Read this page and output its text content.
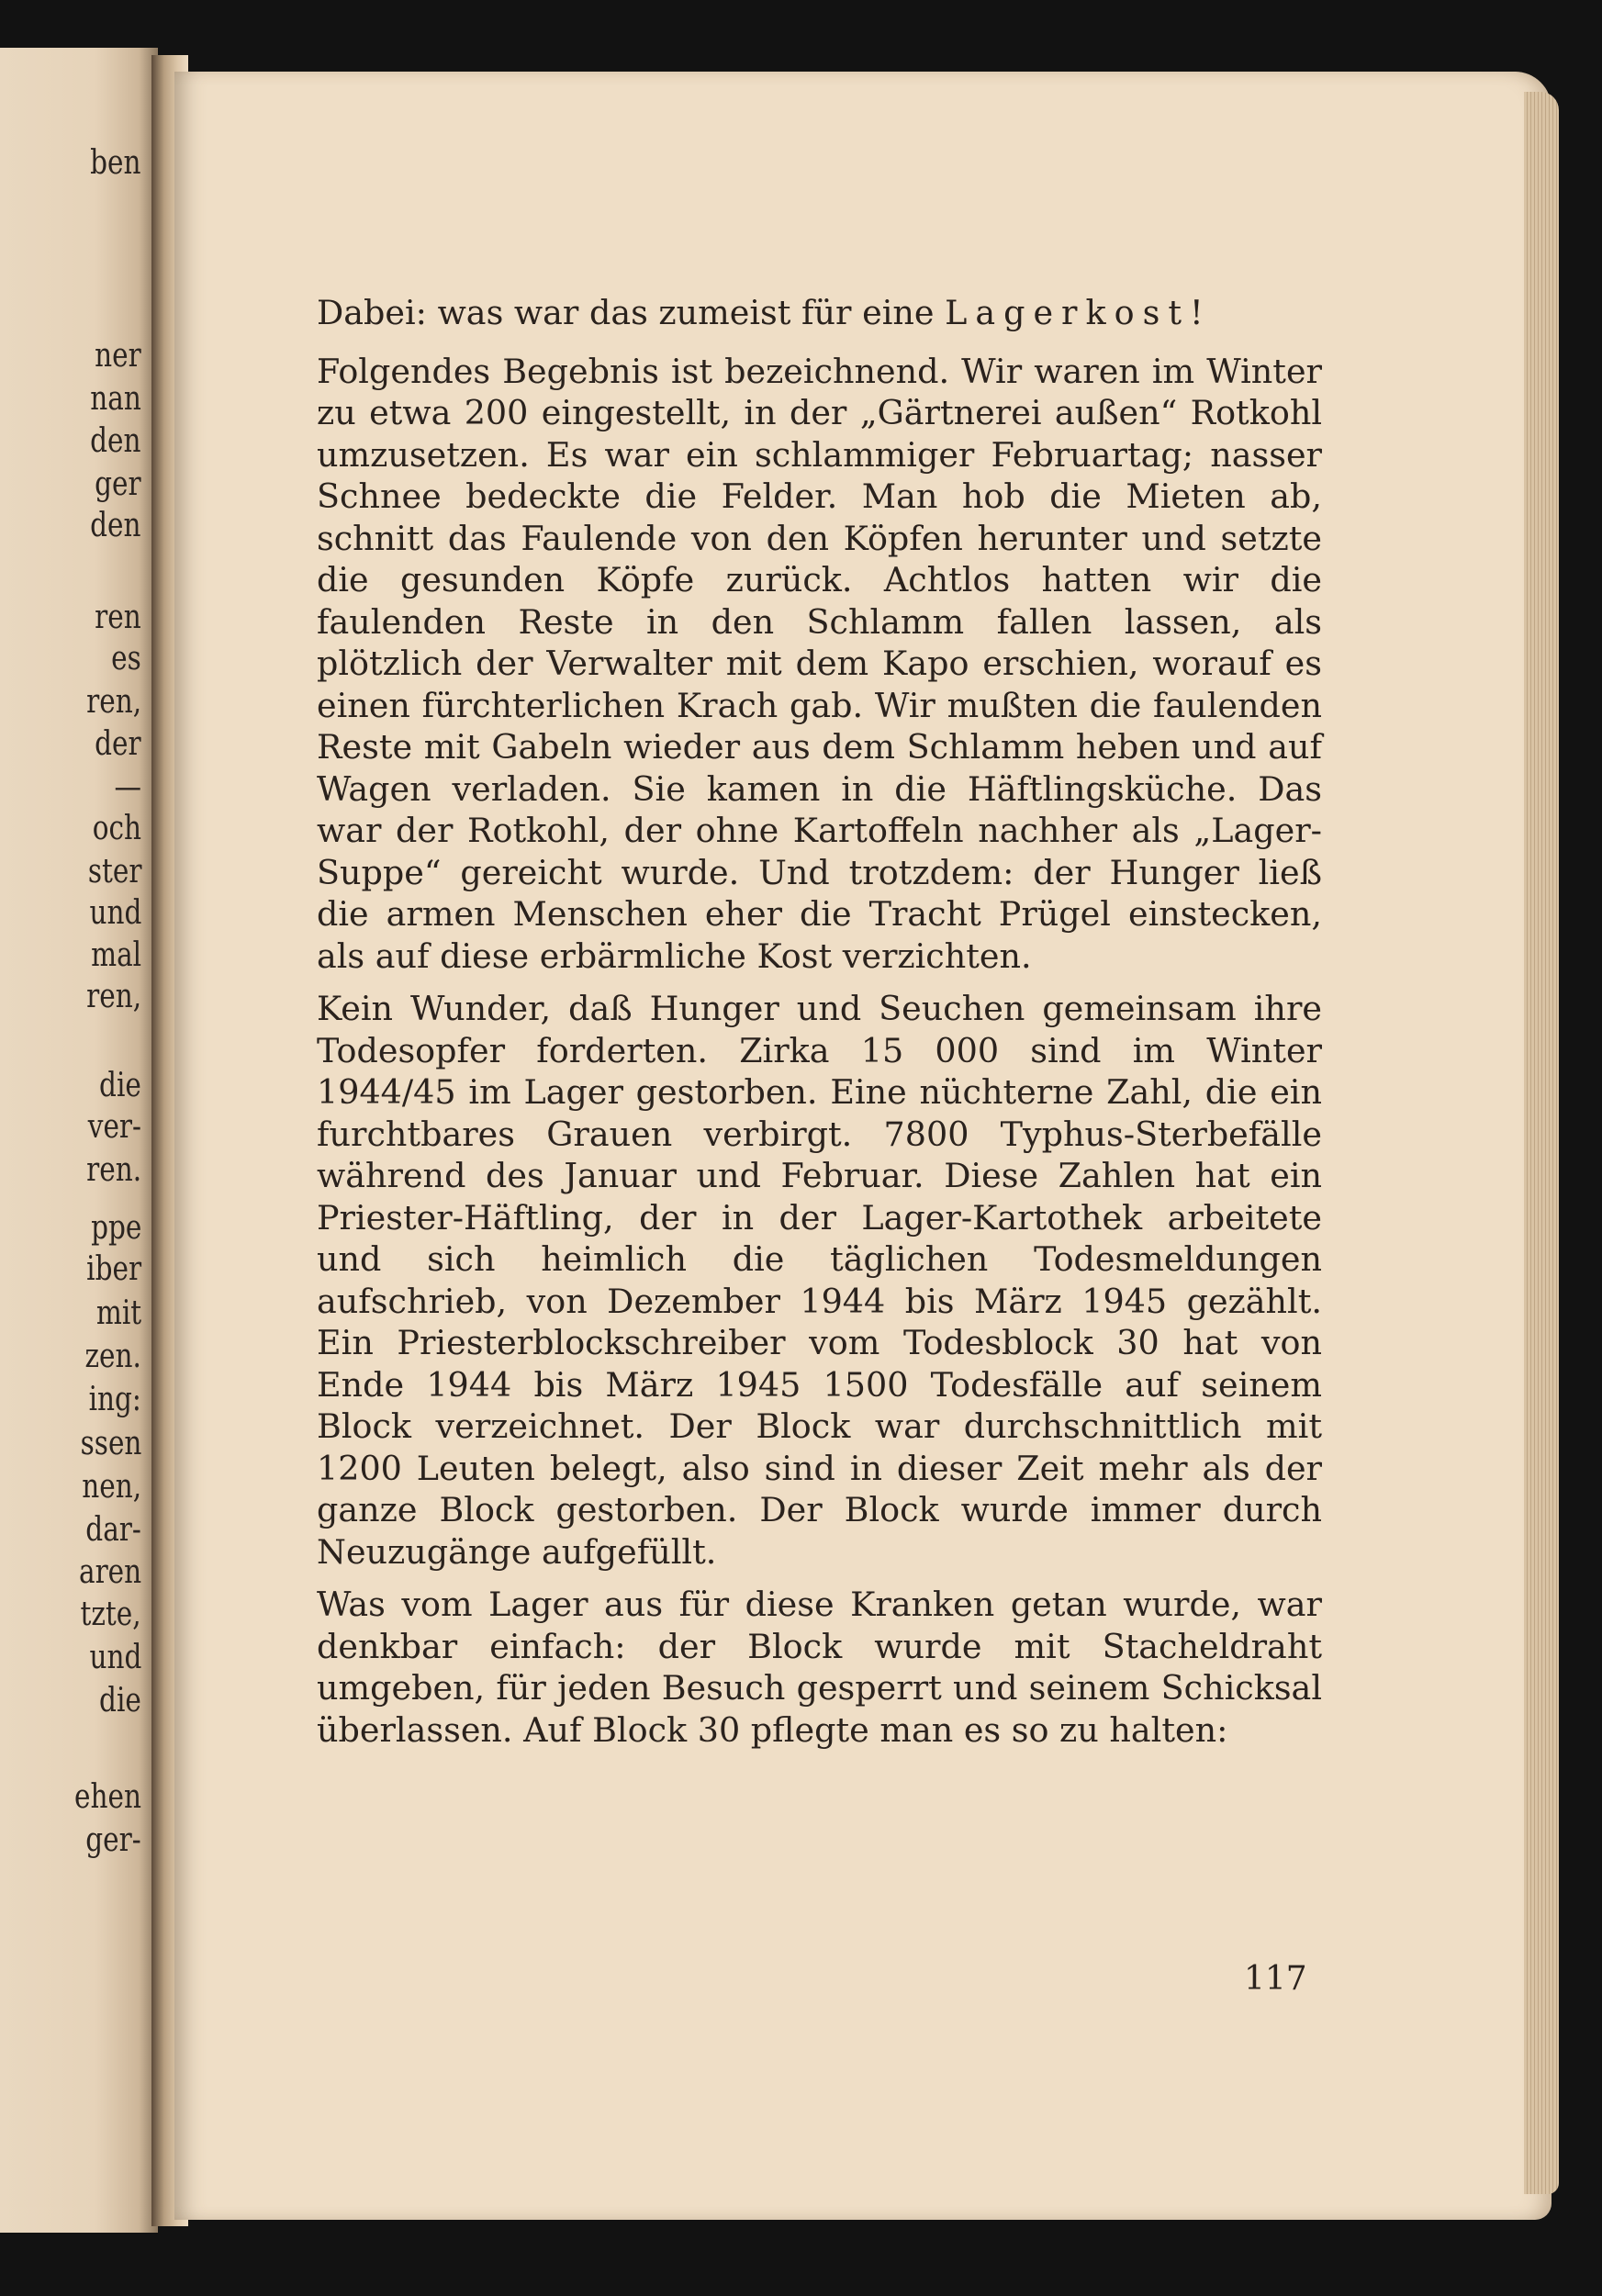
ben
ner
nan
den
ger
den
ren
es
ren,
der
—
och
ster
und
mal
ren,
die
ver-
ren.
ppe
iber
mit
zen.
ing:
ssen
nen,
dar-
aren
tzte,
und
die
ehen
ger-

Dabei: was war das zumeist für eine Lagerkost!

Folgendes Begebnis ist bezeichnend. Wir waren im Winter zu etwa 200 eingestellt, in der „Gärtnerei außen“ Rotkohl umzusetzen. Es war ein schlammiger Februartag; nasser Schnee bedeckte die Felder. Man hob die Mieten ab, schnitt das Faulende von den Köpfen herunter und setzte die gesunden Köpfe zurück. Achtlos hatten wir die faulenden Reste in den Schlamm fallen lassen, als plötzlich der Verwalter mit dem Kapo erschien, worauf es einen fürchterlichen Krach gab. Wir mußten die faulenden Reste mit Gabeln wieder aus dem Schlamm heben und auf Wagen verladen. Sie kamen in die Häftlingsküche. Das war der Rotkohl, der ohne Kartoffeln nachher als „Lager-Suppe“ gereicht wurde. Und trotzdem: der Hunger ließ die armen Menschen eher die Tracht Prügel einstecken, als auf diese erbärmliche Kost verzichten.

Kein Wunder, daß Hunger und Seuchen gemeinsam ihre Todesopfer forderten. Zirka 15 000 sind im Winter 1944/45 im Lager gestorben. Eine nüchterne Zahl, die ein furchtbares Grauen verbirgt. 7800 Typhus-Sterbefälle während des Januar und Februar. Diese Zahlen hat ein Priester-Häftling, der in der Lager-Kartothek arbeitete und sich heimlich die täglichen Todesmeldungen aufschrieb, von Dezember 1944 bis März 1945 gezählt. Ein Priesterblockschreiber vom Todesblock 30 hat von Ende 1944 bis März 1945 1500 Todesfälle auf seinem Block verzeichnet. Der Block war durchschnittlich mit 1200 Leuten belegt, also sind in dieser Zeit mehr als der ganze Block gestorben. Der Block wurde immer durch Neuzugänge aufgefüllt.

Was vom Lager aus für diese Kranken getan wurde, war denkbar einfach: der Block wurde mit Stacheldraht umgeben, für jeden Besuch gesperrt und seinem Schicksal überlassen. Auf Block 30 pflegte man es so zu halten:

117
